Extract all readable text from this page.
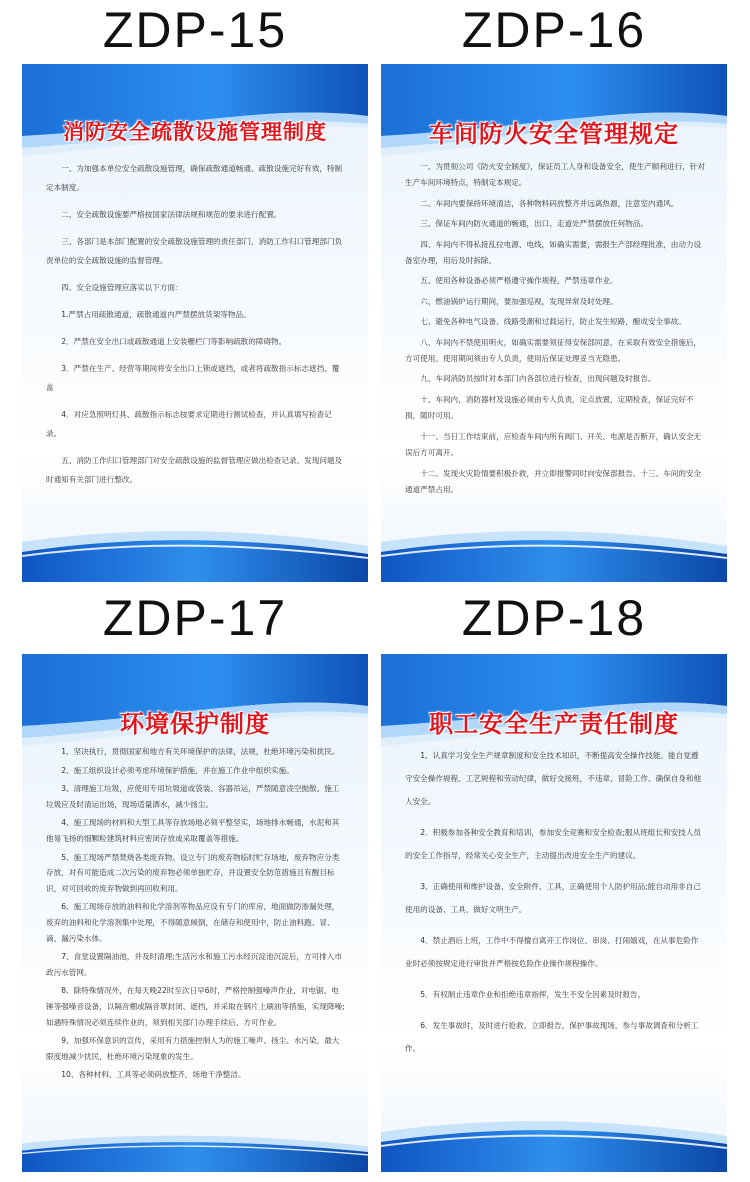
ZDP-15
消防安全疏散设施管理制度

一、为加强本单位安全疏散设施管理，确保疏散通道畅通、疏散设施完好有效，特制定本制度。

二、安全疏散设施要严格按国家法律法规和规范的要求进行配置。

三、各部门是本部门配置的安全疏散设施管理的责任部门，消防工作归口管理部门负责单位的安全疏散设施的监督管理。

四、安全设施管理应落实以下方面：

1.严禁占用疏散通道，疏散通道内严禁摆放货架等物品。

2．严禁在安全出口或疏散通道上安装栅栏门等影响疏散的障碍物。

3．严禁在生产、经营等期间将安全出口上锁或遮挡，或者将疏散指示标志遮挡、覆盖

4．对应急照明灯具、疏散指示标志按要求定期进行测试检查，并认真填写检查记录。

五、消防工作归口管理部门对安全疏散设施的监督管理应做出检查记录。发现问题及时通知有关部门进行整改。

ZDP-16
车间防火安全管理规定

一、为贯彻公司《防火安全制度》，保证员工人身和设备安全，使生产顺利进行，针对生产车间环境特点，特制定本规定。

二、车间内要保持环境清洁，各种物料码放整齐并远离热源，注意室内通风。

三、保证车间内防火通道的畅通，出口、走道处严禁摆放任何物品。

四、车间内不得私接乱拉电源、电线，如确实需要，需报生产部经理批准，由动力设备室办理，用后及时拆除。

五、使用各种设备必须严格遵守操作规程，严禁违章作业。

六、燃油锅炉运行期间，要加强巡视，发现异常及时处理。

七、避免各种电气设备、线路受潮和过载运行，防止发生短路，酿成安全事故。

八、车间内不禁使用明火，如确实需要须征得安保部同意，在采取有效安全措施后，方可使用。使用期间须由专人负责，使用后保证处理妥当无隐患。

九、车间消防员按时对本部门内各部位进行检查，出现问题及时报告。

十、车间内，消防器材及设施必须由专人负责，定点放置，定期检查，保证完好不损，随时可用。

十一、当日工作结束前，应检查车间内所有阀门、开关、电源是否断开，确认安全无误后方可离开。

十二、发现火灾险情要积极扑救，并立即报警同时向安保部报告。十三、车间的安全通道严禁占用。

ZDP-17
环境保护制度

1、坚决执行，贯彻国家和地方有关环境保护的法律，法规，杜绝环境污染和扰民。

2、施工组织设计必须考虑环境保护措施，并在施工作业中组织实施。

3、清理施工垃圾，应使用专用垃圾道或袋装、容器吊运，严禁随意凌空抛散。施工垃圾应及时清运出场，现场适量洒水，减少扬尘。

4、施工现场的材料和大型工具等存放场地必须平整坚实，场地排水畅通，水泥和其他易飞扬的细颗粒建筑材料应密闭存放或采取覆盖等措施。

5、施工现场严禁焚烧各类废弃物。设立专门的废弃物临时贮存场地，废弃物应分类存放，对有可能造成二次污染的废弃物必须单独贮存，并设置安全防范措施且有醒目标识，对可回收的废弃物做到再回收利用。

6、施工现场存放的油料和化学溶剂等物品应设有专门的库房，地面做防渗漏处理，废弃的油料和化学溶剂集中处理，不得随意倾倒，在储存和使用中，防止油料跑、冒、滴、漏污染水体。

7、食堂设置隔油池，并及时清理;生活污水和施工污水经沉淀池沉淀后，方可排入市政污水管网。

8、除特殊情况外，在每天晚22时至次日早6时，严格控制强噪声作业，对电锯、电锤等强噪音设备，以隔音棚或隔音罩封闭、遮挡，并采取在钢片上刷油等措施，实现降噪;如遇特殊情况必须连续作业的，须到相关部门办理手续后，方可作业。

9、加强环保意识的宣传，采用有力措施控制人为的施工噪声、扬尘、水污染，最大限度地减少扰民，杜绝环境污染现象的发生。

10、各种材料、工具等必须码放整齐，场地干净整洁。

ZDP-18
职工安全生产责任制度

1、认真学习安全生产规章制度和安全技术知识，不断提高安全操作技能。能自觉遵守安全操作规程、工艺规程和劳动纪律，做好交接班，不违章、冒险工作、确保自身和他人安全。

2．积极参加各种安全教育和培训，参加安全竞赛和安全检查;服从班组长和安技人员的安全工作指导，经常关心安全生产，主动提出改进安全生产的建议。

3、正确使用和维护设备、安全附件、工具，正确使用个人防护用品;能自动用非自己使用的设备、工具，做好文明生产。

4．禁止酒后上班，工作中不得擅自离开工作岗位、串岗、打闹嬉戏，在从事危险作业时必须按规定进行审批并严格按危险作业操作规程操作。

5．有权制止违章作业和拒绝违章指挥，发生不安全因素及时报告。

6．发生事故时，及时进行抢救，立即报告，保护事故现场，参与事故调查和分析工作。
